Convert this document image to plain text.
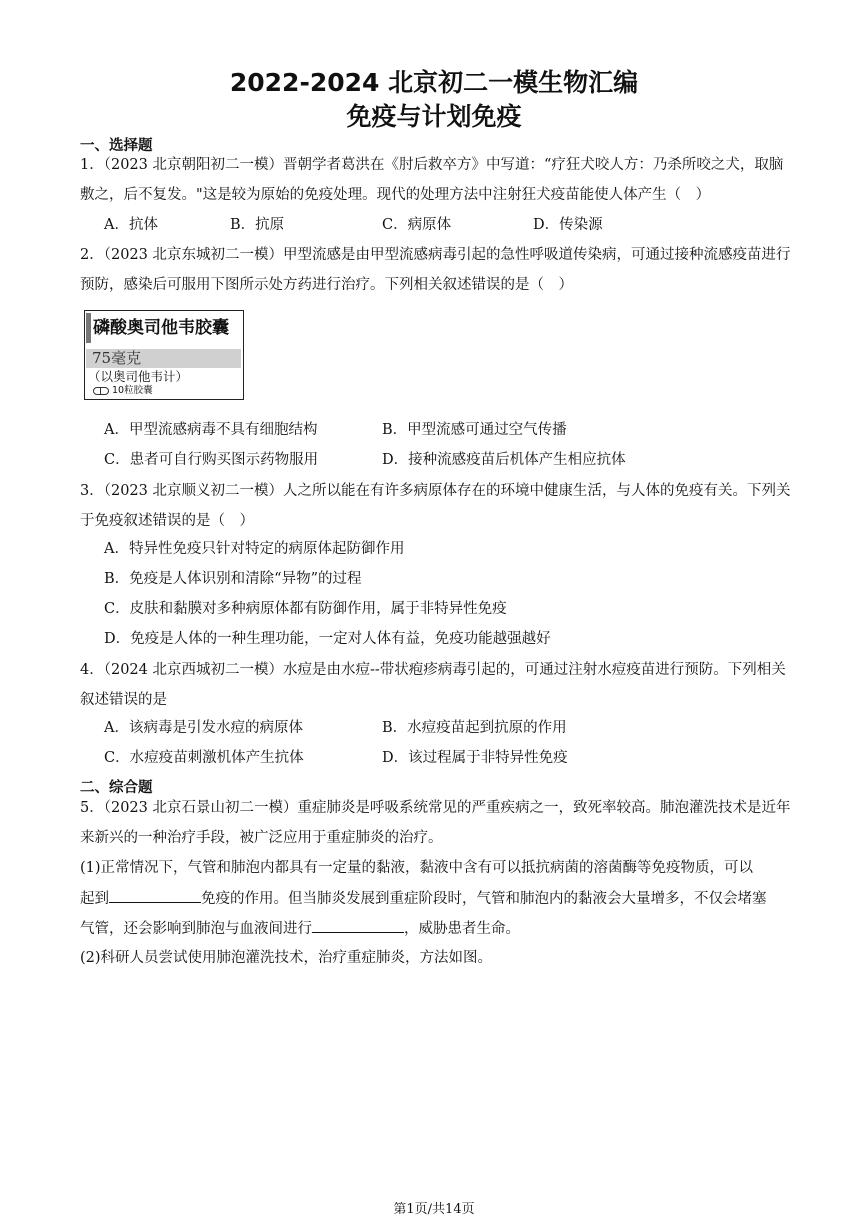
2022-2024 北京初二一模生物汇编
免疫与计划免疫
一、选择题
1．（2023 北京朝阳初二一模）晋朝学者葛洪在《肘后救卒方》中写道：“疗狂犬咬人方：乃杀所咬之犬，取脑敷之，后不复发。"这是较为原始的免疫处理。现代的处理方法中注射狂犬疫苗能使人体产生（　）
A．抗体	B．抗原	C．病原体	D．传染源
2．（2023 北京东城初二一模）甲型流感是由甲型流感病毒引起的急性呼吸道传染病，可通过接种流感疫苗进行预防，感染后可服用下图所示处方药进行治疗。下列相关叙述错误的是（　）
磷酸奥司他韦胶囊
75毫克
（以奥司他韦计）
10粒胶囊
A．甲型流感病毒不具有细胞结构	B．甲型流感可通过空气传播
C．患者可自行购买图示药物服用	D．接种流感疫苗后机体产生相应抗体
3．（2023 北京顺义初二一模）人之所以能在有许多病原体存在的环境中健康生活，与人体的免疫有关。下列关于免疫叙述错误的是（　）
A．特异性免疫只针对特定的病原体起防御作用
B．免疫是人体识别和清除“异物”的过程
C．皮肤和黏膜对多种病原体都有防御作用，属于非特异性免疫
D．免疫是人体的一种生理功能，一定对人体有益，免疫功能越强越好
4．（2024 北京西城初二一模）水痘是由水痘--带状疱疹病毒引起的，可通过注射水痘疫苗进行预防。下列相关叙述错误的是
A．该病毒是引发水痘的病原体	B．水痘疫苗起到抗原的作用
C．水痘疫苗刺激机体产生抗体	D．该过程属于非特异性免疫
二、综合题
5．（2023 北京石景山初二一模）重症肺炎是呼吸系统常见的严重疾病之一，致死率较高。肺泡灌洗技术是近年来新兴的一种治疗手段，被广泛应用于重症肺炎的治疗。
(1)正常情况下，气管和肺泡内都具有一定量的黏液，黏液中含有可以抵抗病菌的溶菌酶等免疫物质，可以
起到	免疫的作用。但当肺炎发展到重症阶段时，气管和肺泡内的黏液会大量增多，不仅会堵塞
气管，还会影响到肺泡与血液间进行	，威胁患者生命。
(2)科研人员尝试使用肺泡灌洗技术，治疗重症肺炎，方法如图。
第1页/共14页
